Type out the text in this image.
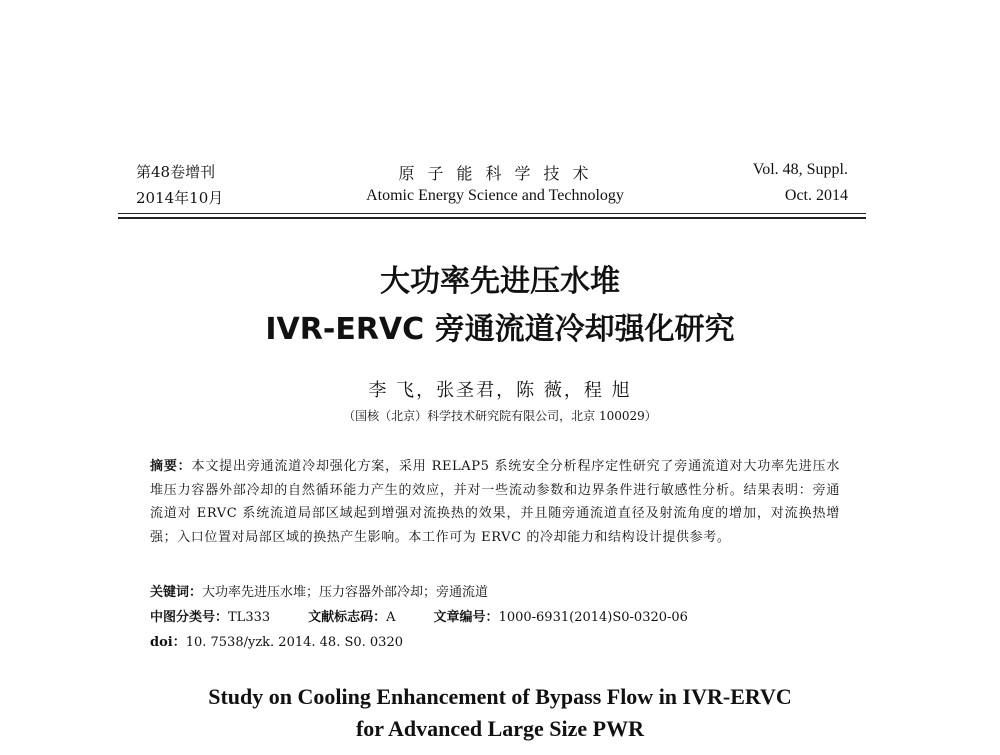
第48卷增刊
2014年10月
原子能科学技术
Atomic Energy Science and Technology
Vol. 48, Suppl.
Oct. 2014
大功率先进压水堆
IVR-ERVC 旁通流道冷却强化研究
李 飞，张圣君，陈 薇，程 旭
（国核（北京）科学技术研究院有限公司，北京 100029）
摘要：本文提出旁通流道冷却强化方案，采用 RELAP5 系统安全分析程序定性研究了旁通流道对大功率先进压水堆压力容器外部冷却的自然循环能力产生的效应，并对一些流动参数和边界条件进行敏感性分析。结果表明：旁通流道对 ERVC 系统流道局部区域起到增强对流换热的效果，并且随旁通流道直径及射流角度的增加，对流换热增强；入口位置对局部区域的换热产生影响。本工作可为 ERVC 的冷却能力和结构设计提供参考。
关键词：大功率先进压水堆；压力容器外部冷却；旁通流道
中图分类号：TL333	文献标志码：A	文章编号：1000-6931(2014)S0-0320-06
doi：10. 7538/yzk. 2014. 48. S0. 0320
Study on Cooling Enhancement of Bypass Flow in IVR-ERVC
for Advanced Large Size PWR
